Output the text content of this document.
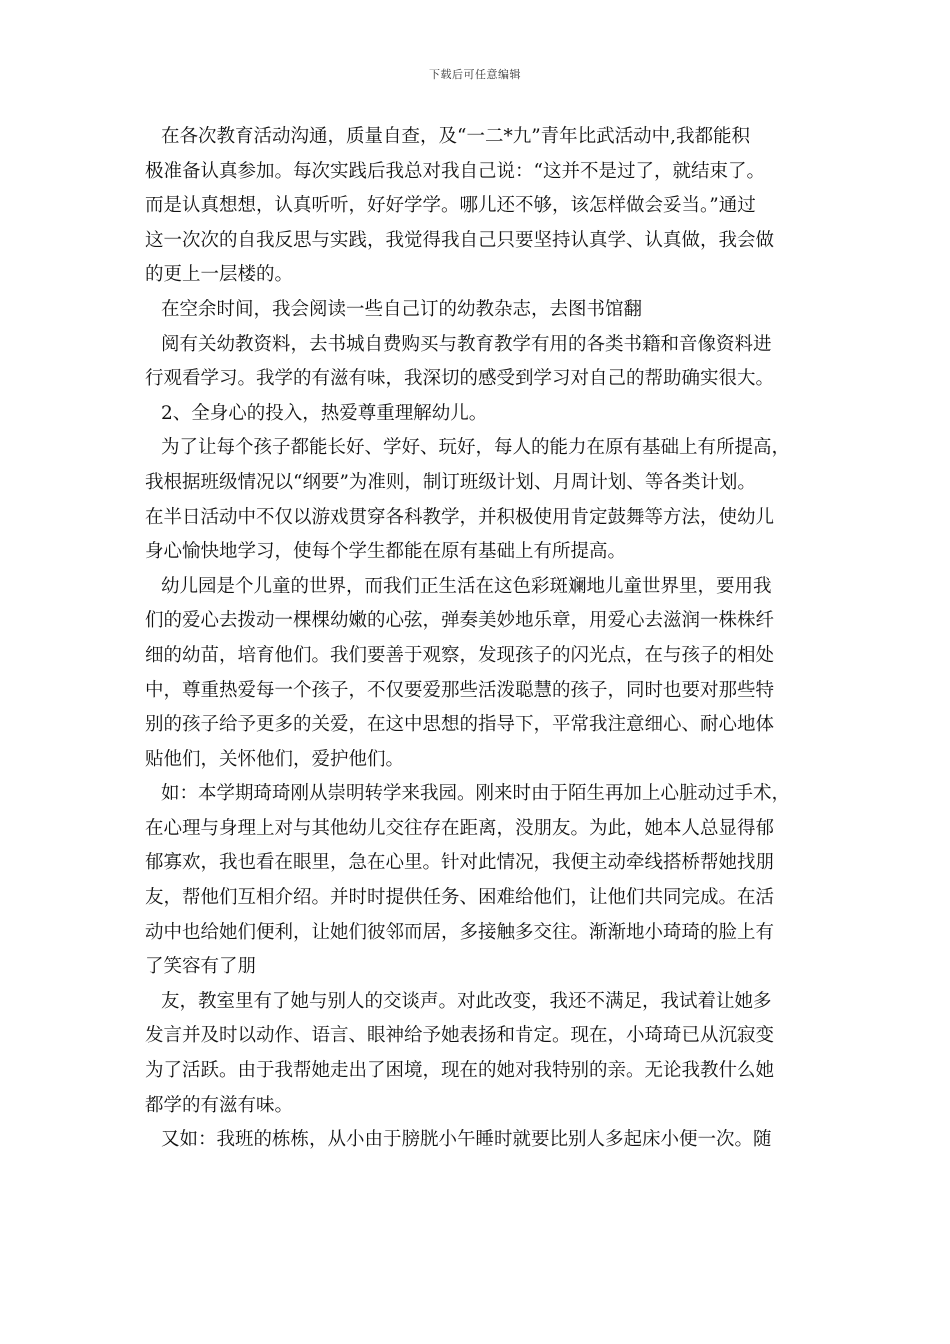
下载后可任意编辑
在各次教育活动沟通，质量自查，及“一二*九”青年比武活动中,我都能积
极准备认真参加。每次实践后我总对我自己说：“这并不是过了，就结束了。
而是认真想想，认真听听，好好学学。哪儿还不够，该怎样做会妥当。”通过
这一次次的自我反思与实践，我觉得我自己只要坚持认真学、认真做，我会做
的更上一层楼的。
在空余时间，我会阅读一些自己订的幼教杂志，去图书馆翻
阅有关幼教资料，去书城自费购买与教育教学有用的各类书籍和音像资料进
行观看学习。我学的有滋有味，我深切的感受到学习对自己的帮助确实很大。
2、全身心的投入，热爱尊重理解幼儿。
为了让每个孩子都能长好、学好、玩好，每人的能力在原有基础上有所提高，
我根据班级情况以“纲要”为准则，制订班级计划、月周计划、等各类计划。
在半日活动中不仅以游戏贯穿各科教学，并积极使用肯定鼓舞等方法，使幼儿
身心愉快地学习，使每个学生都能在原有基础上有所提高。
幼儿园是个儿童的世界，而我们正生活在这色彩斑斓地儿童世界里，要用我
们的爱心去拨动一棵棵幼嫩的心弦，弹奏美妙地乐章，用爱心去滋润一株株纤
细的幼苗，培育他们。我们要善于观察，发现孩子的闪光点，在与孩子的相处
中，尊重热爱每一个孩子，不仅要爱那些活泼聪慧的孩子，同时也要对那些特
别的孩子给予更多的关爱，在这中思想的指导下，平常我注意细心、耐心地体
贴他们，关怀他们，爱护他们。
如：本学期琦琦刚从崇明转学来我园。刚来时由于陌生再加上心脏动过手术，
在心理与身理上对与其他幼儿交往存在距离，没朋友。为此，她本人总显得郁
郁寡欢，我也看在眼里，急在心里。针对此情况，我便主动牵线搭桥帮她找朋
友，帮他们互相介绍。并时时提供任务、困难给他们，让他们共同完成。在活
动中也给她们便利，让她们彼邻而居，多接触多交往。渐渐地小琦琦的脸上有
了笑容有了朋
友，教室里有了她与别人的交谈声。对此改变，我还不满足，我试着让她多
发言并及时以动作、语言、眼神给予她表扬和肯定。现在，小琦琦已从沉寂变
为了活跃。由于我帮她走出了困境，现在的她对我特别的亲。无论我教什么她
都学的有滋有味。
又如：我班的栋栋，从小由于膀胱小午睡时就要比别人多起床小便一次。随
